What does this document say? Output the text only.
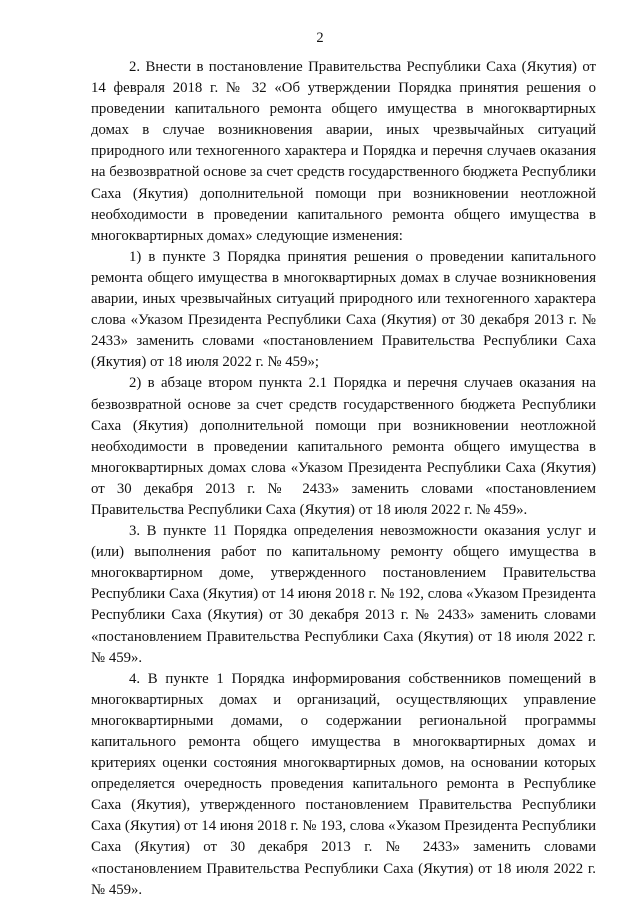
2

2. Внести в постановление Правительства Республики Саха (Якутия) от 14 февраля 2018 г. № 32 «Об утверждении Порядка принятия решения о проведении капитального ремонта общего имущества в многоквартирных домах в случае возникновения аварии, иных чрезвычайных ситуаций природного или техногенного характера и Порядка и перечня случаев оказания на безвозвратной основе за счет средств государственного бюджета Республики Саха (Якутия) дополнительной помощи при возникновении неотложной необходимости в проведении капитального ремонта общего имущества в многоквартирных домах» следующие изменения:

1) в пункте 3 Порядка принятия решения о проведении капитального ремонта общего имущества в многоквартирных домах в случае возникновения аварии, иных чрезвычайных ситуаций природного или техногенного характера слова «Указом Президента Республики Саха (Якутия) от 30 декабря 2013 г. № 2433» заменить словами «постановлением Правительства Республики Саха (Якутия) от 18 июля 2022 г. № 459»;

2) в абзаце втором пункта 2.1 Порядка и перечня случаев оказания на безвозвратной основе за счет средств государственного бюджета Республики Саха (Якутия) дополнительной помощи при возникновении неотложной необходимости в проведении капитального ремонта общего имущества в многоквартирных домах слова «Указом Президента Республики Саха (Якутия) от 30 декабря 2013 г. № 2433» заменить словами «постановлением Правительства Республики Саха (Якутия) от 18 июля 2022 г. № 459».

3. В пункте 11 Порядка определения невозможности оказания услуг и (или) выполнения работ по капитальному ремонту общего имущества в многоквартирном доме, утвержденного постановлением Правительства Республики Саха (Якутия) от 14 июня 2018 г. № 192, слова «Указом Президента Республики Саха (Якутия) от 30 декабря 2013 г. № 2433» заменить словами «постановлением Правительства Республики Саха (Якутия) от 18 июля 2022 г. № 459».

4. В пункте 1 Порядка информирования собственников помещений в многоквартирных домах и организаций, осуществляющих управление многоквартирными домами, о содержании региональной программы капитального ремонта общего имущества в многоквартирных домах и критериях оценки состояния многоквартирных домов, на основании которых определяется очередность проведения капитального ремонта в Республике Саха (Якутия), утвержденного постановлением Правительства Республики Саха (Якутия) от 14 июня 2018 г. № 193, слова «Указом Президента Республики Саха (Якутия) от 30 декабря 2013 г. № 2433» заменить словами «постановлением Правительства Республики Саха (Якутия) от 18 июля 2022 г. № 459».
